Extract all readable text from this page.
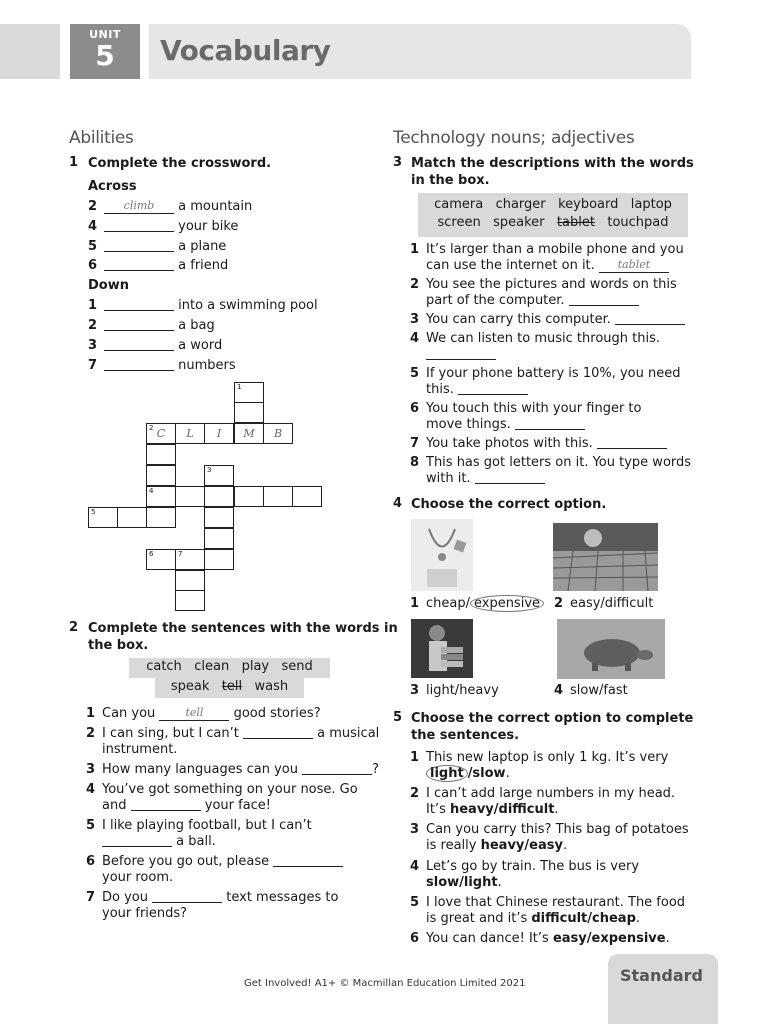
UNIT
5	Vocabulary
Abilities
1 Complete the crossword.
Across
2 $^{climb}$ a mountain
4	your bike
5	a plane
6	a friend
Down
1	into a swimming pool
2	a bag
3	a word
7	numbers
1
2 C	L	I	M	B
3
4
5
6	7
2 Complete the sentences with the words in
the box.
catch clean play send
speak tell wash
1 Can you	$^{tell}$ good stories?
2 I can sing, but I can’t	a musical
instrument.
3 How many languages can you	?
4 You’ve got something on your nose. Go
and	your face!
5 I like playing football, but I can’t
a ball.
6 Before you go out, please
your room.
7 Do you	text messages to
your friends?
Technology nouns; adjectives
3 Match the descriptions with the words
in the box.
camera charger keyboard laptop
screen speaker tablet touchpad
1 It’s larger than a mobile phone and you
can use the internet on it. $^{tablet}$
2 You see the pictures and words on this
part of the computer.
3 You can carry this computer.
4 We can listen to music through this.

5 If your phone battery is 10%, you need
this.
6 You touch this with your finger to
move things.
7 You take photos with this.
8 This has got letters on it. You type words
with it.
4 Choose the correct option.
1 cheap/ expensive	2 easy/difficult
3 light/heavy	4 slow/fast
5 Choose the correct option to complete
the sentences.
1 This new laptop is only 1 kg. It’s very
light /slow.
2 I can’t add large numbers in my head.
It’s heavy/difficult.
3 Can you carry this? This bag of potatoes
is really heavy/easy.
4 Let’s go by train. The bus is very
slow/light.
5 I love that Chinese restaurant. The food
is great and it’s difficult/cheap.
6 You can dance! It’s easy/expensive.
Get Involved! A1+ © Macmillan Education Limited 2021	Standard
